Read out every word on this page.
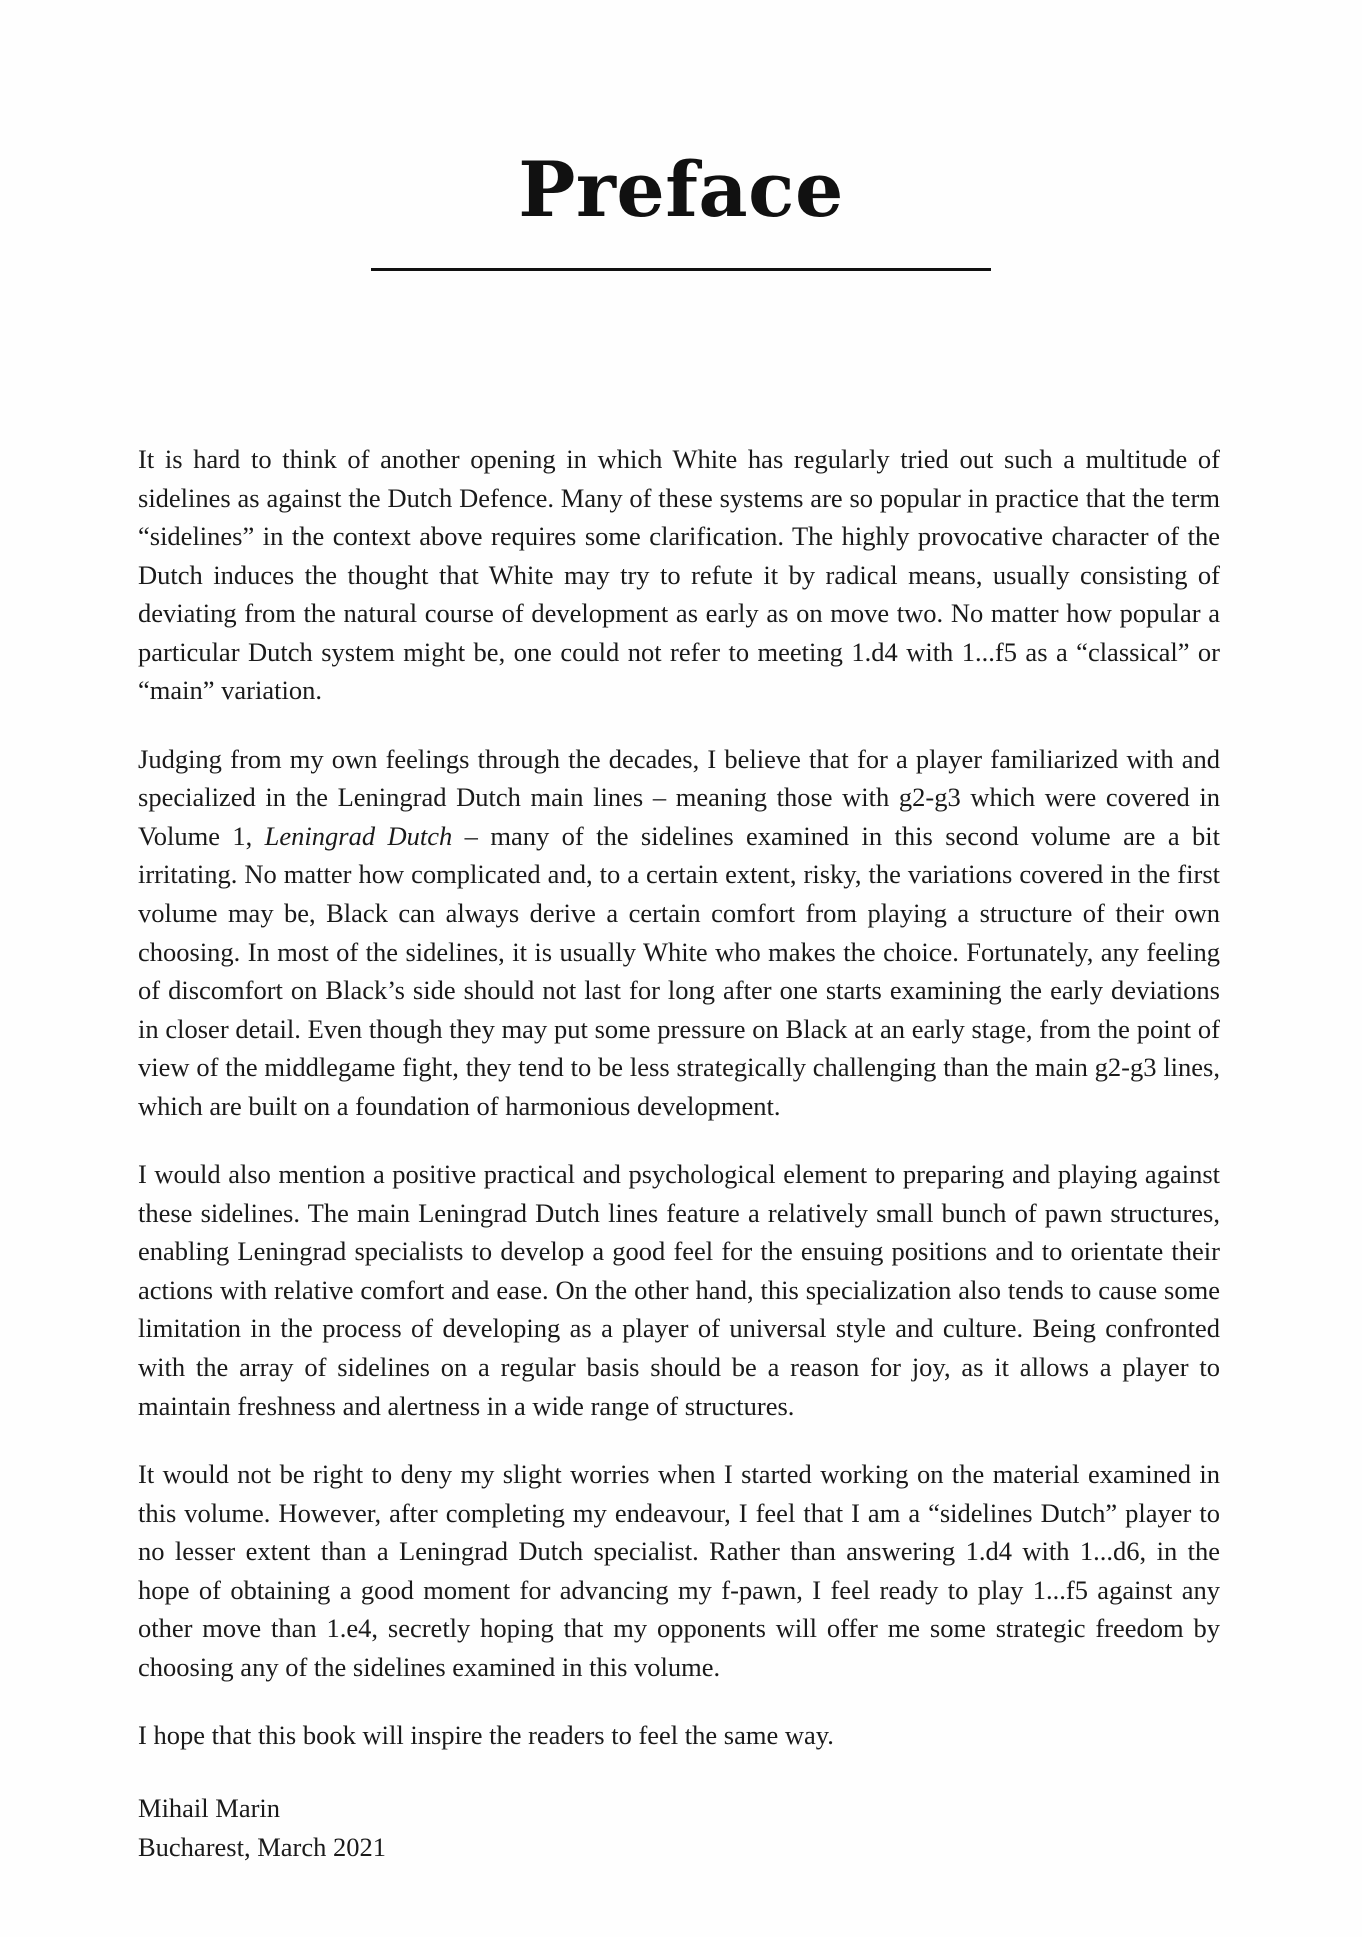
Preface

It is hard to think of another opening in which White has regularly tried out such a multitude of sidelines as against the Dutch Defence. Many of these systems are so popular in practice that the term “sidelines” in the context above requires some clarification. The highly provocative character of the Dutch induces the thought that White may try to refute it by radical means, usually consisting of deviating from the natural course of development as early as on move two. No matter how popular a particular Dutch system might be, one could not refer to meeting 1.d4 with 1...f5 as a “classical” or “main” variation.

Judging from my own feelings through the decades, I believe that for a player familiarized with and specialized in the Leningrad Dutch main lines – meaning those with g2-g3 which were covered in Volume 1, Leningrad Dutch – many of the sidelines examined in this second volume are a bit irritating. No matter how complicated and, to a certain extent, risky, the variations covered in the first volume may be, Black can always derive a certain comfort from playing a structure of their own choosing. In most of the sidelines, it is usually White who makes the choice. Fortunately, any feeling of discomfort on Black’s side should not last for long after one starts examining the early deviations in closer detail. Even though they may put some pressure on Black at an early stage, from the point of view of the middlegame fight, they tend to be less strategically challenging than the main g2-g3 lines, which are built on a foundation of harmonious development.

I would also mention a positive practical and psychological element to preparing and playing against these sidelines. The main Leningrad Dutch lines feature a relatively small bunch of pawn structures, enabling Leningrad specialists to develop a good feel for the ensuing positions and to orientate their actions with relative comfort and ease. On the other hand, this specialization also tends to cause some limitation in the process of developing as a player of universal style and culture. Being confronted with the array of sidelines on a regular basis should be a reason for joy, as it allows a player to maintain freshness and alertness in a wide range of structures.

It would not be right to deny my slight worries when I started working on the material examined in this volume. However, after completing my endeavour, I feel that I am a “sidelines Dutch” player to no lesser extent than a Leningrad Dutch specialist. Rather than answering 1.d4 with 1...d6, in the hope of obtaining a good moment for advancing my f-pawn, I feel ready to play 1...f5 against any other move than 1.e4, secretly hoping that my opponents will offer me some strategic freedom by choosing any of the sidelines examined in this volume.

I hope that this book will inspire the readers to feel the same way.

Mihail Marin
Bucharest, March 2021
